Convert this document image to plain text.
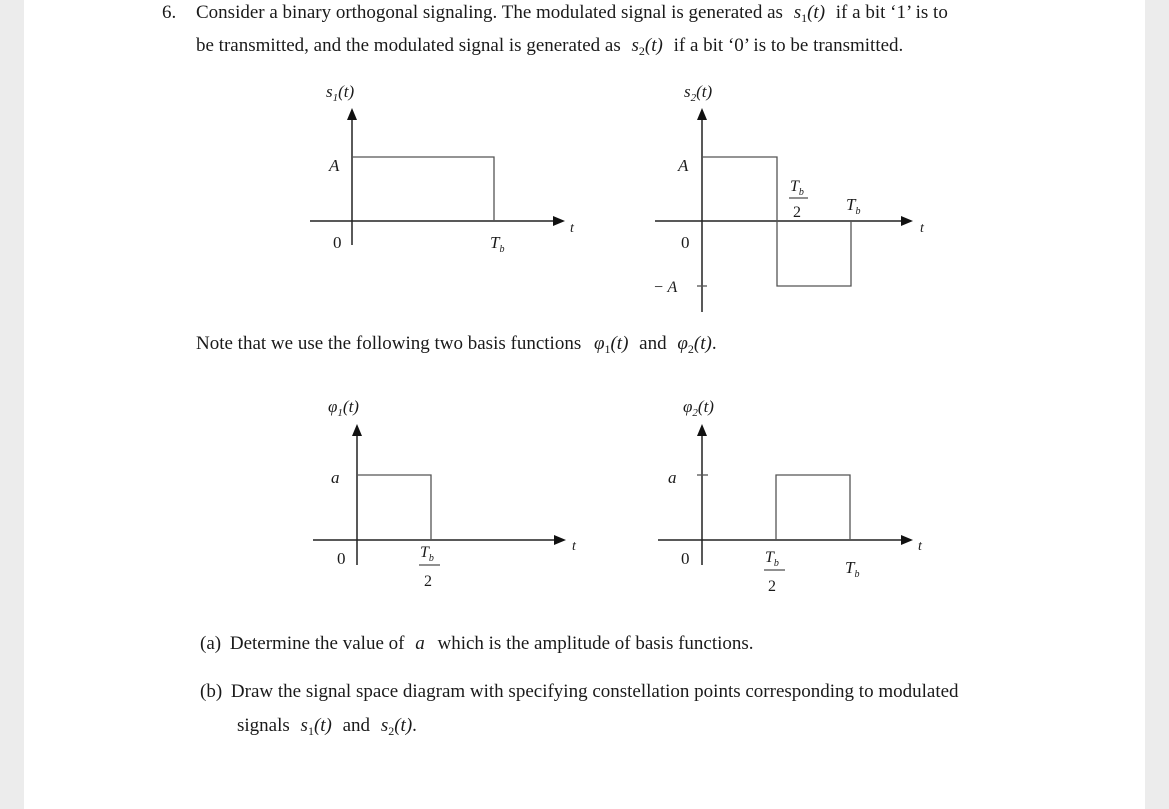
6. Consider a binary orthogonal signaling. The modulated signal is generated as $s_1(t)$ if a bit ‘1’ is to
be transmitted, and the modulated signal is generated as $s_2(t)$ if a bit ‘0’ is to be transmitted.
$s_1(t)$
A
0
t
$T_b$
$s_2(t)$
A
− A
0
t
$T_b$
2	$T_b$
$\varphi_1(t)$
a
0
t
$T_b$
2
$\varphi_2(t)$
a
0
t
$T_b$
2
$T_b$
Note that we use the following two basis functions $\varphi_1(t)$ and $\varphi_2(t)$.
(a) Determine the value of a which is the amplitude of basis functions.
(b) Draw the signal space diagram with specifying constellation points corresponding to modulated
signals $s_1(t)$ and $s_2(t)$.
